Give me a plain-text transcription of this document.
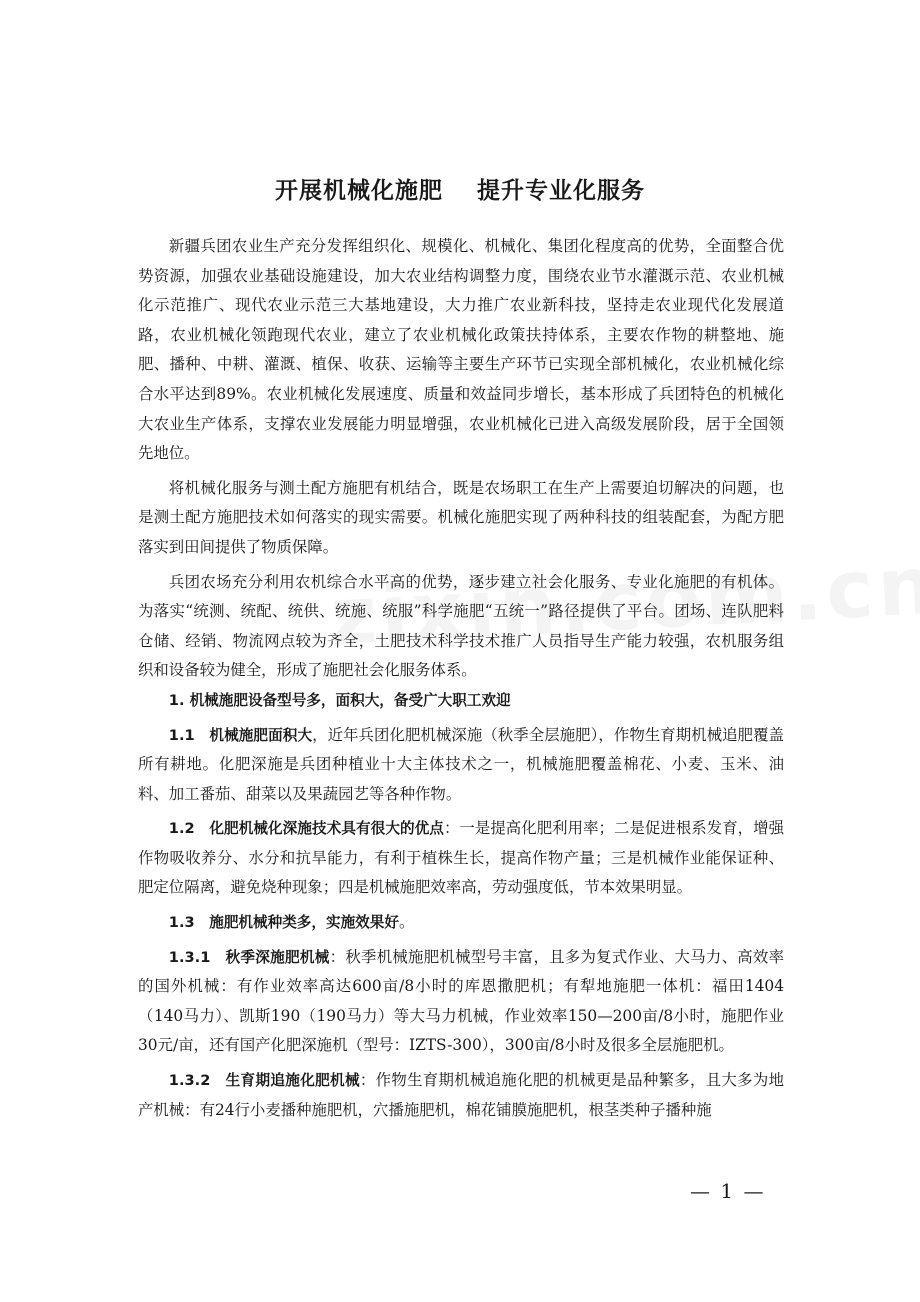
开展机械化施肥 提升专业化服务

新疆兵团农业生产充分发挥组织化、规模化、机械化、集团化程度高的优势，全面整合优势资源，加强农业基础设施建设，加大农业结构调整力度，围绕农业节水灌溉示范、农业机械化示范推广、现代农业示范三大基地建设，大力推广农业新科技，坚持走农业现代化发展道路，农业机械化领跑现代农业，建立了农业机械化政策扶持体系，主要农作物的耕整地、施肥、播种、中耕、灌溉、植保、收获、运输等主要生产环节已实现全部机械化，农业机械化综合水平达到89%。农业机械化发展速度、质量和效益同步增长，基本形成了兵团特色的机械化大农业生产体系，支撑农业发展能力明显增强，农业机械化已进入高级发展阶段，居于全国领先地位。

将机械化服务与测土配方施肥有机结合，既是农场职工在生产上需要迫切解决的问题，也是测土配方施肥技术如何落实的现实需要。机械化施肥实现了两种科技的组装配套，为配方肥落实到田间提供了物质保障。

兵团农场充分利用农机综合水平高的优势，逐步建立社会化服务、专业化施肥的有机体。为落实“统测、统配、统供、统施、统服”科学施肥“五统一”路径提供了平台。团场、连队肥料仓储、经销、物流网点较为齐全，土肥技术科学技术推广人员指导生产能力较强，农机服务组织和设备较为健全，形成了施肥社会化服务体系。

1. 机械施肥设备型号多，面积大，备受广大职工欢迎

1.1　机械施肥面积大，近年兵团化肥机械深施（秋季全层施肥），作物生育期机械追肥覆盖所有耕地。化肥深施是兵团种植业十大主体技术之一，机械施肥覆盖棉花、小麦、玉米、油料、加工番茄、甜菜以及果蔬园艺等各种作物。

1.2　化肥机械化深施技术具有很大的优点：一是提高化肥利用率；二是促进根系发育，增强作物吸收养分、水分和抗旱能力，有利于植株生长，提高作物产量；三是机械作业能保证种、肥定位隔离，避免烧种现象；四是机械施肥效率高，劳动强度低，节本效果明显。

1.3　施肥机械种类多，实施效果好。

1.3.1　秋季深施肥机械：秋季机械施肥机械型号丰富，且多为复式作业、大马力、高效率的国外机械：有作业效率高达600亩/8小时的库恩撒肥机；有犁地施肥一体机：福田1404（140马力）、凯斯190（190马力）等大马力机械，作业效率150—200亩/8小时，施肥作业30元/亩，还有国产化肥深施机（型号：IZTS-300），300亩/8小时及很多全层施肥机。

1.3.2　生育期追施化肥机械：作物生育期机械追施化肥的机械更是品种繁多，且大多为地产机械：有24行小麦播种施肥机，穴播施肥机，棉花铺膜施肥机，根茎类种子播种施

— 1 —
